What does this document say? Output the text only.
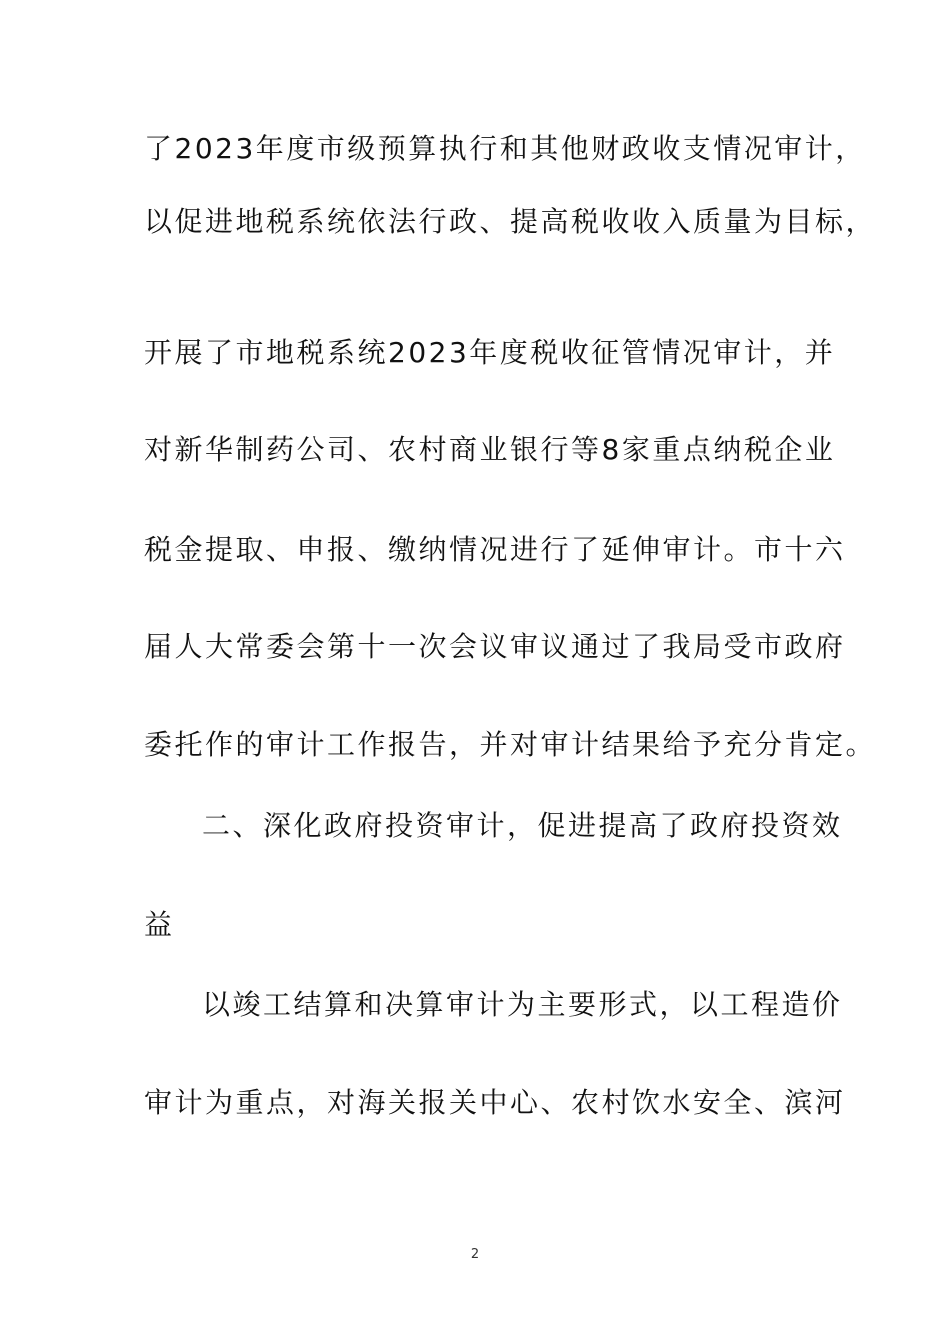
了2023年度市级预算执行和其他财政收支情况审计，
以促进地税系统依法行政、提高税收收入质量为目标，
开展了市地税系统2023年度税收征管情况审计，并
对新华制药公司、农村商业银行等8家重点纳税企业
税金提取、申报、缴纳情况进行了延伸审计。市十六
届人大常委会第十一次会议审议通过了我局受市政府
委托作的审计工作报告，并对审计结果给予充分肯定。
二、深化政府投资审计，促进提高了政府投资效
益
以竣工结算和决算审计为主要形式，以工程造价
审计为重点，对海关报关中心、农村饮水安全、滨河
2
